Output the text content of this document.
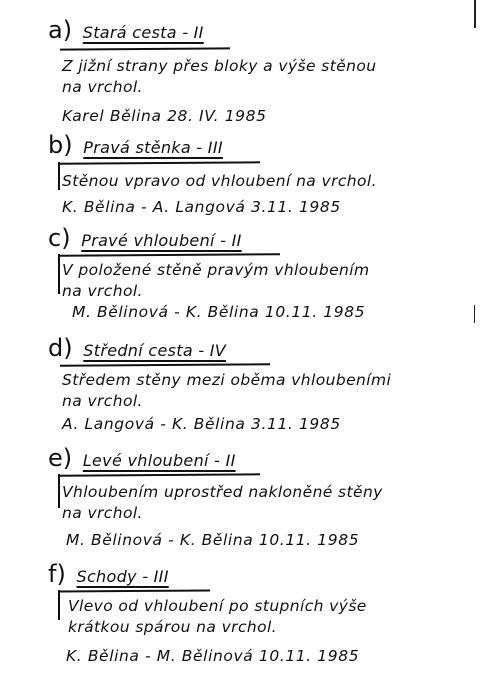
a) Stará cesta - II
Z jižní strany přes bloky a výše stěnou
na vrchol.
Karel Bělina 28. IV. 1985
b) Pravá stěnka - III
Stěnou vpravo od vhloubení na vrchol.
K. Bělina - A. Langová 3.11. 1985
c) Pravé vhloubení - II
V položené stěně pravým vhloubením
na vrchol.
M. Bělinová - K. Bělina 10.11. 1985
d) Střední cesta - IV
Středem stěny mezi oběma vhloubeními
na vrchol.
A. Langová - K. Bělina 3.11. 1985
e) Levé vhloubení - II
Vhloubením uprostřed nakloněné stěny
na vrchol.
M. Bělinová - K. Bělina 10.11. 1985
f) Schody - III
Vlevo od vhloubení po stupních výše
krátkou spárou na vrchol.
K. Bělina - M. Bělinová 10.11. 1985
